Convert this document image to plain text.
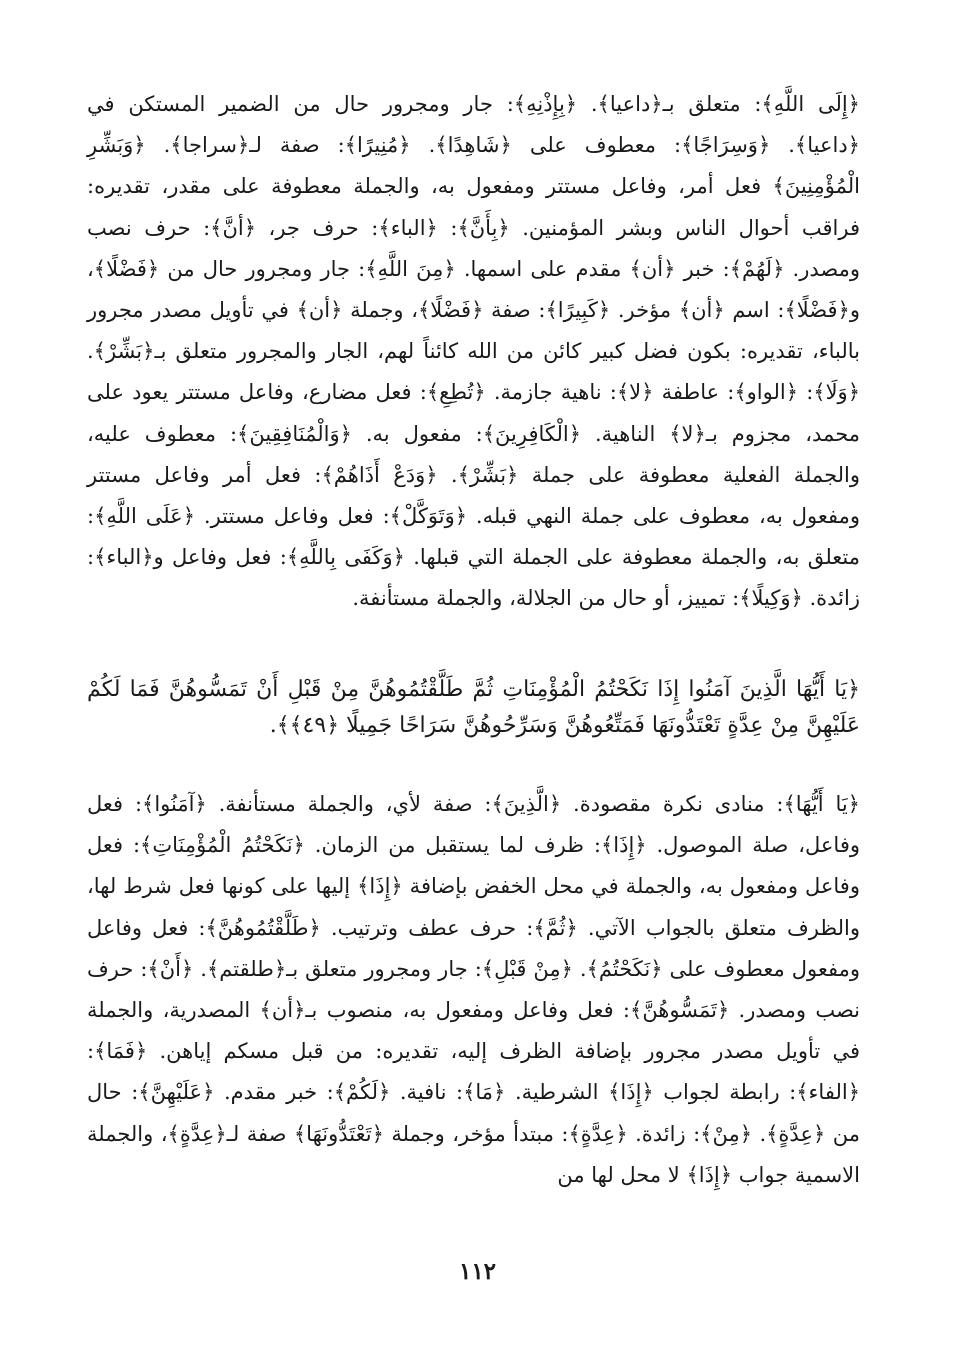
﴿إِلَى اللَّهِ﴾: متعلق بـ﴿داعيا﴾. ﴿بِإِذْنِهِ﴾: جار ومجرور حال من الضمير المستكن في ﴿داعيا﴾. ﴿وَسِرَاجًا﴾: معطوف على ﴿شَاهِدًا﴾. ﴿مُنِيرًا﴾: صفة لـ﴿سراجا﴾. ﴿وَبَشِّرِ الْمُؤْمِنِينَ﴾ فعل أمر، وفاعل مستتر ومفعول به، والجملة معطوفة على مقدر، تقديره: فراقب أحوال الناس وبشر المؤمنين. ﴿بِأَنَّ﴾: ﴿الباء﴾: حرف جر، ﴿أنَّ﴾: حرف نصب ومصدر. ﴿لَهُمْ﴾: خبر ﴿أن﴾ مقدم على اسمها. ﴿مِنَ اللَّهِ﴾: جار ومجرور حال من ﴿فَضْلًا﴾، و﴿فَضْلًا﴾: اسم ﴿أن﴾ مؤخر. ﴿كَبِيرًا﴾: صفة ﴿فَضْلًا﴾، وجملة ﴿أن﴾ في تأويل مصدر مجرور بالباء، تقديره: بكون فضل كبير كائن من الله كائناً لهم، الجار والمجرور متعلق بـ﴿بَشِّرْ﴾. ﴿وَلَا﴾: ﴿الواو﴾: عاطفة ﴿لا﴾: ناهية جازمة. ﴿تُطِعِ﴾: فعل مضارع، وفاعل مستتر يعود على محمد، مجزوم بـ﴿لا﴾ الناهية. ﴿الْكَافِرِينَ﴾: مفعول به. ﴿وَالْمُنَافِقِينَ﴾: معطوف عليه، والجملة الفعلية معطوفة على جملة ﴿بَشِّرْ﴾. ﴿وَدَعْ أَذَاهُمْ﴾: فعل أمر وفاعل مستتر ومفعول به، معطوف على جملة النهي قبله. ﴿وَتَوَكَّلْ﴾: فعل وفاعل مستتر. ﴿عَلَى اللَّهِ﴾: متعلق به، والجملة معطوفة على الجملة التي قبلها. ﴿وَكَفَى بِاللَّهِ﴾: فعل وفاعل و﴿الباء﴾: زائدة. ﴿وَكِيلًا﴾: تمييز، أو حال من الجلالة، والجملة مستأنفة.

﴿يَا أَيُّهَا الَّذِينَ آمَنُوا إِذَا نَكَحْتُمُ الْمُؤْمِنَاتِ ثُمَّ طَلَّقْتُمُوهُنَّ مِنْ قَبْلِ أَنْ تَمَسُّوهُنَّ فَمَا لَكُمْ عَلَيْهِنَّ مِنْ عِدَّةٍ تَعْتَدُّونَهَا فَمَتِّعُوهُنَّ وَسَرِّحُوهُنَّ سَرَاحًا جَمِيلًا ﴿٤٩﴾﴾.

﴿يَا أَيُّهَا﴾: منادى نكرة مقصودة. ﴿الَّذِينَ﴾: صفة لأي، والجملة مستأنفة. ﴿آمَنُوا﴾: فعل وفاعل، صلة الموصول. ﴿إِذَا﴾: ظرف لما يستقبل من الزمان. ﴿نَكَحْتُمُ الْمُؤْمِنَاتِ﴾: فعل وفاعل ومفعول به، والجملة في محل الخفض بإضافة ﴿إِذَا﴾ إليها على كونها فعل شرط لها، والظرف متعلق بالجواب الآتي. ﴿ثُمَّ﴾: حرف عطف وترتيب. ﴿طَلَّقْتُمُوهُنَّ﴾: فعل وفاعل ومفعول معطوف على ﴿نَكَحْتُمُ﴾. ﴿مِنْ قَبْلِ﴾: جار ومجرور متعلق بـ﴿طلقتم﴾. ﴿أَنْ﴾: حرف نصب ومصدر. ﴿تَمَسُّوهُنَّ﴾: فعل وفاعل ومفعول به، منصوب بـ﴿أن﴾ المصدرية، والجملة في تأويل مصدر مجرور بإضافة الظرف إليه، تقديره: من قبل مسكم إياهن. ﴿فَمَا﴾: ﴿الفاء﴾: رابطة لجواب ﴿إِذَا﴾ الشرطية. ﴿مَا﴾: نافية. ﴿لَكُمْ﴾: خبر مقدم. ﴿عَلَيْهِنَّ﴾: حال من ﴿عِدَّةٍ﴾. ﴿مِنْ﴾: زائدة. ﴿عِدَّةٍ﴾: مبتدأ مؤخر، وجملة ﴿تَعْتَدُّونَهَا﴾ صفة لـ﴿عِدَّةٍ﴾، والجملة الاسمية جواب ﴿إِذَا﴾ لا محل لها من

١١٢
